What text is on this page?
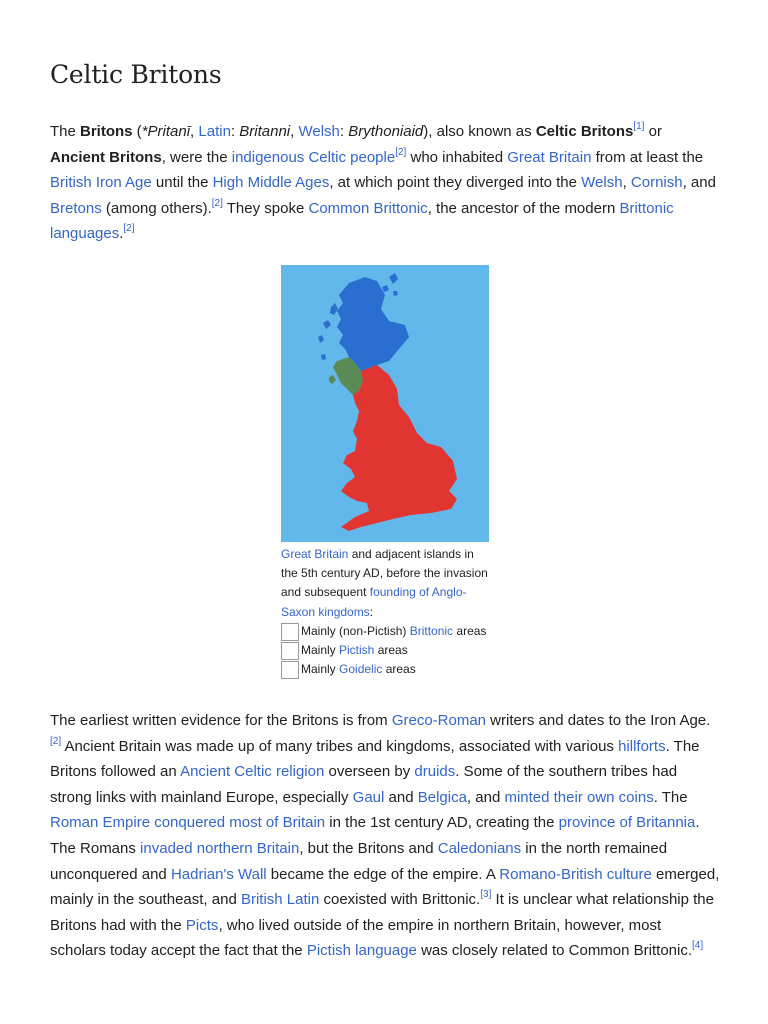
Celtic Britons

The Britons (*Pritanī, Latin: Britanni, Welsh: Brythoniaid), also known as Celtic Britons[1] or Ancient Britons, were the indigenous Celtic people[2] who inhabited Great Britain from at least the British Iron Age until the High Middle Ages, at which point they diverged into the Welsh, Cornish, and Bretons (among others).[2] They spoke Common Brittonic, the ancestor of the modern Brittonic languages.[2]

Great Britain and adjacent islands in the 5th century AD, before the invasion and subsequent founding of Anglo-Saxon kingdoms:
Mainly (non-Pictish) Brittonic areas
Mainly Pictish areas
Mainly Goidelic areas

The earliest written evidence for the Britons is from Greco-Roman writers and dates to the Iron Age.[2] Ancient Britain was made up of many tribes and kingdoms, associated with various hillforts. The Britons followed an Ancient Celtic religion overseen by druids. Some of the southern tribes had strong links with mainland Europe, especially Gaul and Belgica, and minted their own coins. The Roman Empire conquered most of Britain in the 1st century AD, creating the province of Britannia. The Romans invaded northern Britain, but the Britons and Caledonians in the north remained unconquered and Hadrian's Wall became the edge of the empire. A Romano-British culture emerged, mainly in the southeast, and British Latin coexisted with Brittonic.[3] It is unclear what relationship the Britons had with the Picts, who lived outside of the empire in northern Britain, however, most scholars today accept the fact that the Pictish language was closely related to Common Brittonic.[4]
